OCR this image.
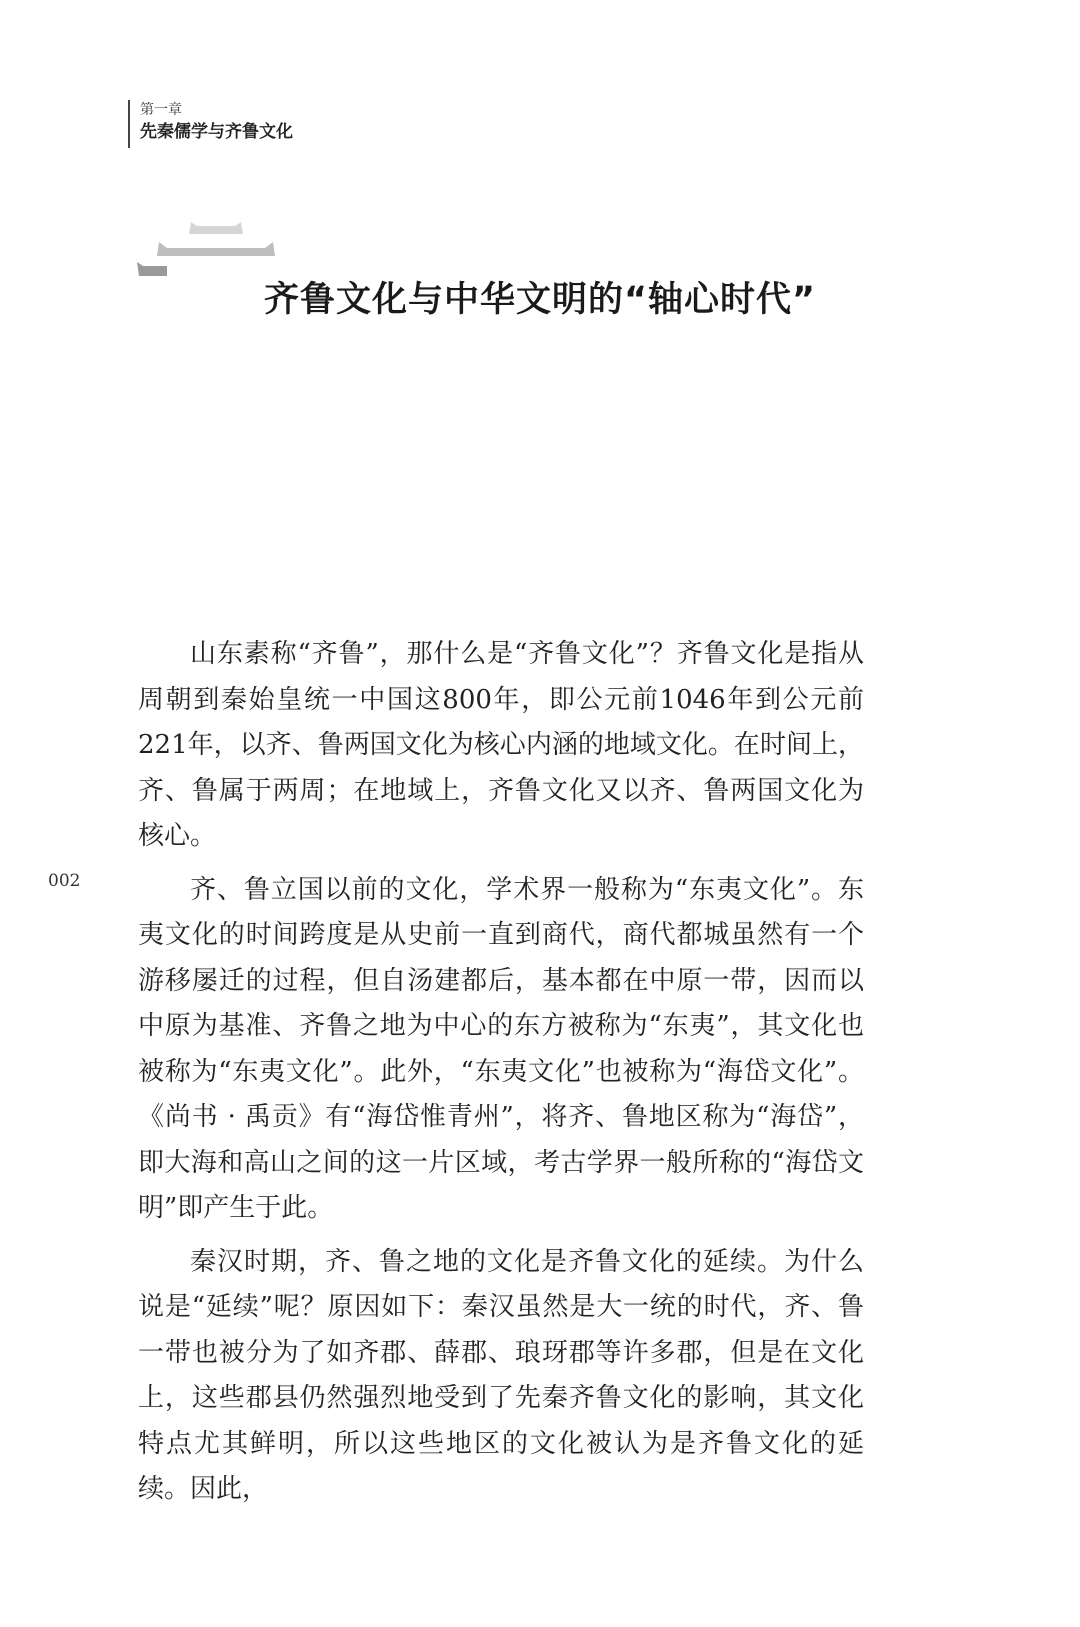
第一章
先秦儒学与齐鲁文化
齐鲁文化与中华文明的“轴心时代”
002

山东素称“齐鲁”，那什么是“齐鲁文化”？齐鲁文化是指从周朝到秦始皇统一中国这800年，即公元前1046年到公元前221年，以齐、鲁两国文化为核心内涵的地域文化。在时间上，齐、鲁属于两周；在地域上，齐鲁文化又以齐、鲁两国文化为核心。

齐、鲁立国以前的文化，学术界一般称为“东夷文化”。东夷文化的时间跨度是从史前一直到商代，商代都城虽然有一个游移屡迁的过程，但自汤建都后，基本都在中原一带，因而以中原为基准、齐鲁之地为中心的东方被称为“东夷”，其文化也被称为“东夷文化”。此外，“东夷文化”也被称为“海岱文化”。《尚书 · 禹贡》有“海岱惟青州”，将齐、鲁地区称为“海岱”，即大海和高山之间的这一片区域，考古学界一般所称的“海岱文明”即产生于此。

秦汉时期，齐、鲁之地的文化是齐鲁文化的延续。为什么说是“延续”呢？原因如下：秦汉虽然是大一统的时代，齐、鲁一带也被分为了如齐郡、薛郡、琅玡郡等许多郡，但是在文化上，这些郡县仍然强烈地受到了先秦齐鲁文化的影响，其文化特点尤其鲜明，所以这些地区的文化被认为是齐鲁文化的延续。因此，
